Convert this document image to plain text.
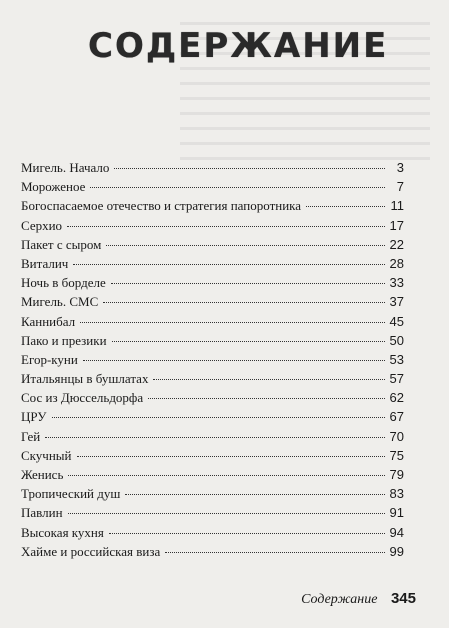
СОДЕРЖАНИЕ
Мигель. Начало	3
Мороженое	7
Богоспасаемое отечество и стратегия папоротника	11
Серхио	17
Пакет с сыром	22
Виталич	28
Ночь в борделе	33
Мигель. СМС	37
Каннибал	45
Пако и презики	50
Егор-куни	53
Итальянцы в бушлатах	57
Сос из Дюссельдорфа	62
ЦРУ	67
Гей	70
Скучный	75
Женись	79
Тропический душ	83
Павлин	91
Высокая кухня	94
Хайме и российская виза	99
Содержание 345
